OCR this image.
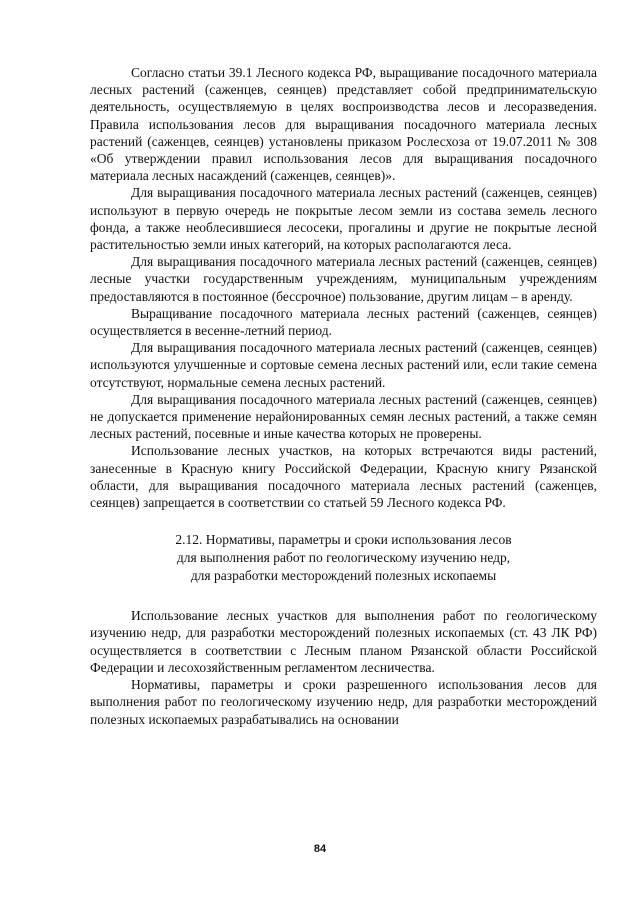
Согласно статьи 39.1 Лесного кодекса РФ, выращивание посадочного материала лесных растений (саженцев, сеянцев) представляет собой предпринимательскую деятельность, осуществляемую в целях воспроизводства лесов и лесоразведения. Правила использования лесов для выращивания посадочного материала лесных растений (саженцев, сеянцев) установлены приказом Рослесхоза от 19.07.2011 № 308 «Об утверждении правил использования лесов для выращивания посадочного материала лесных насаждений (саженцев, сеянцев)».

Для выращивания посадочного материала лесных растений (саженцев, сеянцев) используют в первую очередь не покрытые лесом земли из состава земель лесного фонда, а также необлесившиеся лесосеки, прогалины и другие не покрытые лесной растительностью земли иных категорий, на которых располагаются леса.

Для выращивания посадочного материала лесных растений (саженцев, сеянцев) лесные участки государственным учреждениям, муниципальным учреждениям предоставляются в постоянное (бессрочное) пользование, другим лицам – в аренду.

Выращивание посадочного материала лесных растений (саженцев, сеянцев) осуществляется в весенне-летний период.

Для выращивания посадочного материала лесных растений (саженцев, сеянцев) используются улучшенные и сортовые семена лесных растений или, если такие семена отсутствуют, нормальные семена лесных растений.

Для выращивания посадочного материала лесных растений (саженцев, сеянцев) не допускается применение нерайонированных семян лесных растений, а также семян лесных растений, посевные и иные качества которых не проверены.

Использование лесных участков, на которых встречаются виды растений, занесенные в Красную книгу Российской Федерации, Красную книгу Рязанской области, для выращивания посадочного материала лесных растений (саженцев, сеянцев) запрещается в соответствии со статьей 59 Лесного кодекса РФ.

2.12. Нормативы, параметры и сроки использования лесов
для выполнения работ по геологическому изучению недр,
для разработки месторождений полезных ископаемы

Использование лесных участков для выполнения работ по геологическому изучению недр, для разработки месторождений полезных ископаемых (ст. 43 ЛК РФ) осуществляется в соответствии с Лесным планом Рязанской области Российской Федерации и лесохозяйственным регламентом лесничества.

Нормативы, параметры и сроки разрешенного использования лесов для выполнения работ по геологическому изучению недр, для разработки месторождений полезных ископаемых разрабатывались на основании

84
